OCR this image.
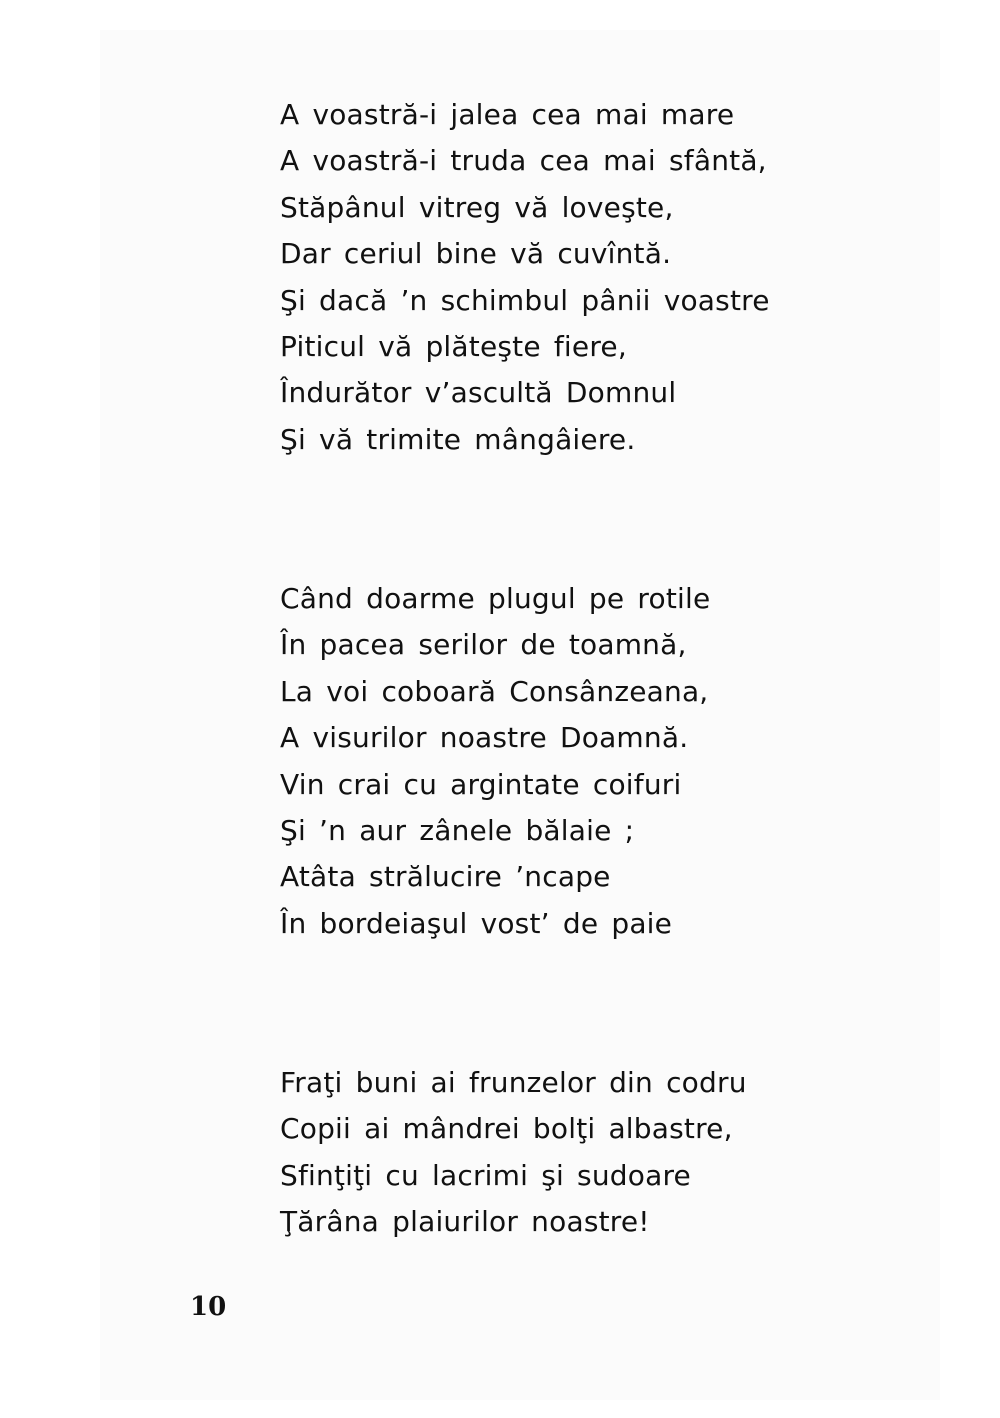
A voastră-i jalea cea mai mare
A voastră-i truda cea mai sfântă,
Stăpânul vitreg vă loveşte,
Dar ceriul bine vă cuvîntă.
Şi dacă ’n schimbul pânii voastre
Piticul vă plăteşte fiere,
Îndurător v’ascultă Domnul
Şi vă trimite mângâiere.
Când doarme plugul pe rotile
În pacea serilor de toamnă,
La voi coboară Consânzeana,
A visurilor noastre Doamnă.
Vin crai cu argintate coifuri
Şi ’n aur zânele bălaie ;
Atâta strălucire ’ncape
În bordeiaşul vost’ de paie
Fraţi buni ai frunzelor din codru
Copii ai mândrei bolţi albastre,
Sfinţiţi cu lacrimi şi sudoare
Ţărâna plaiurilor noastre!
10
